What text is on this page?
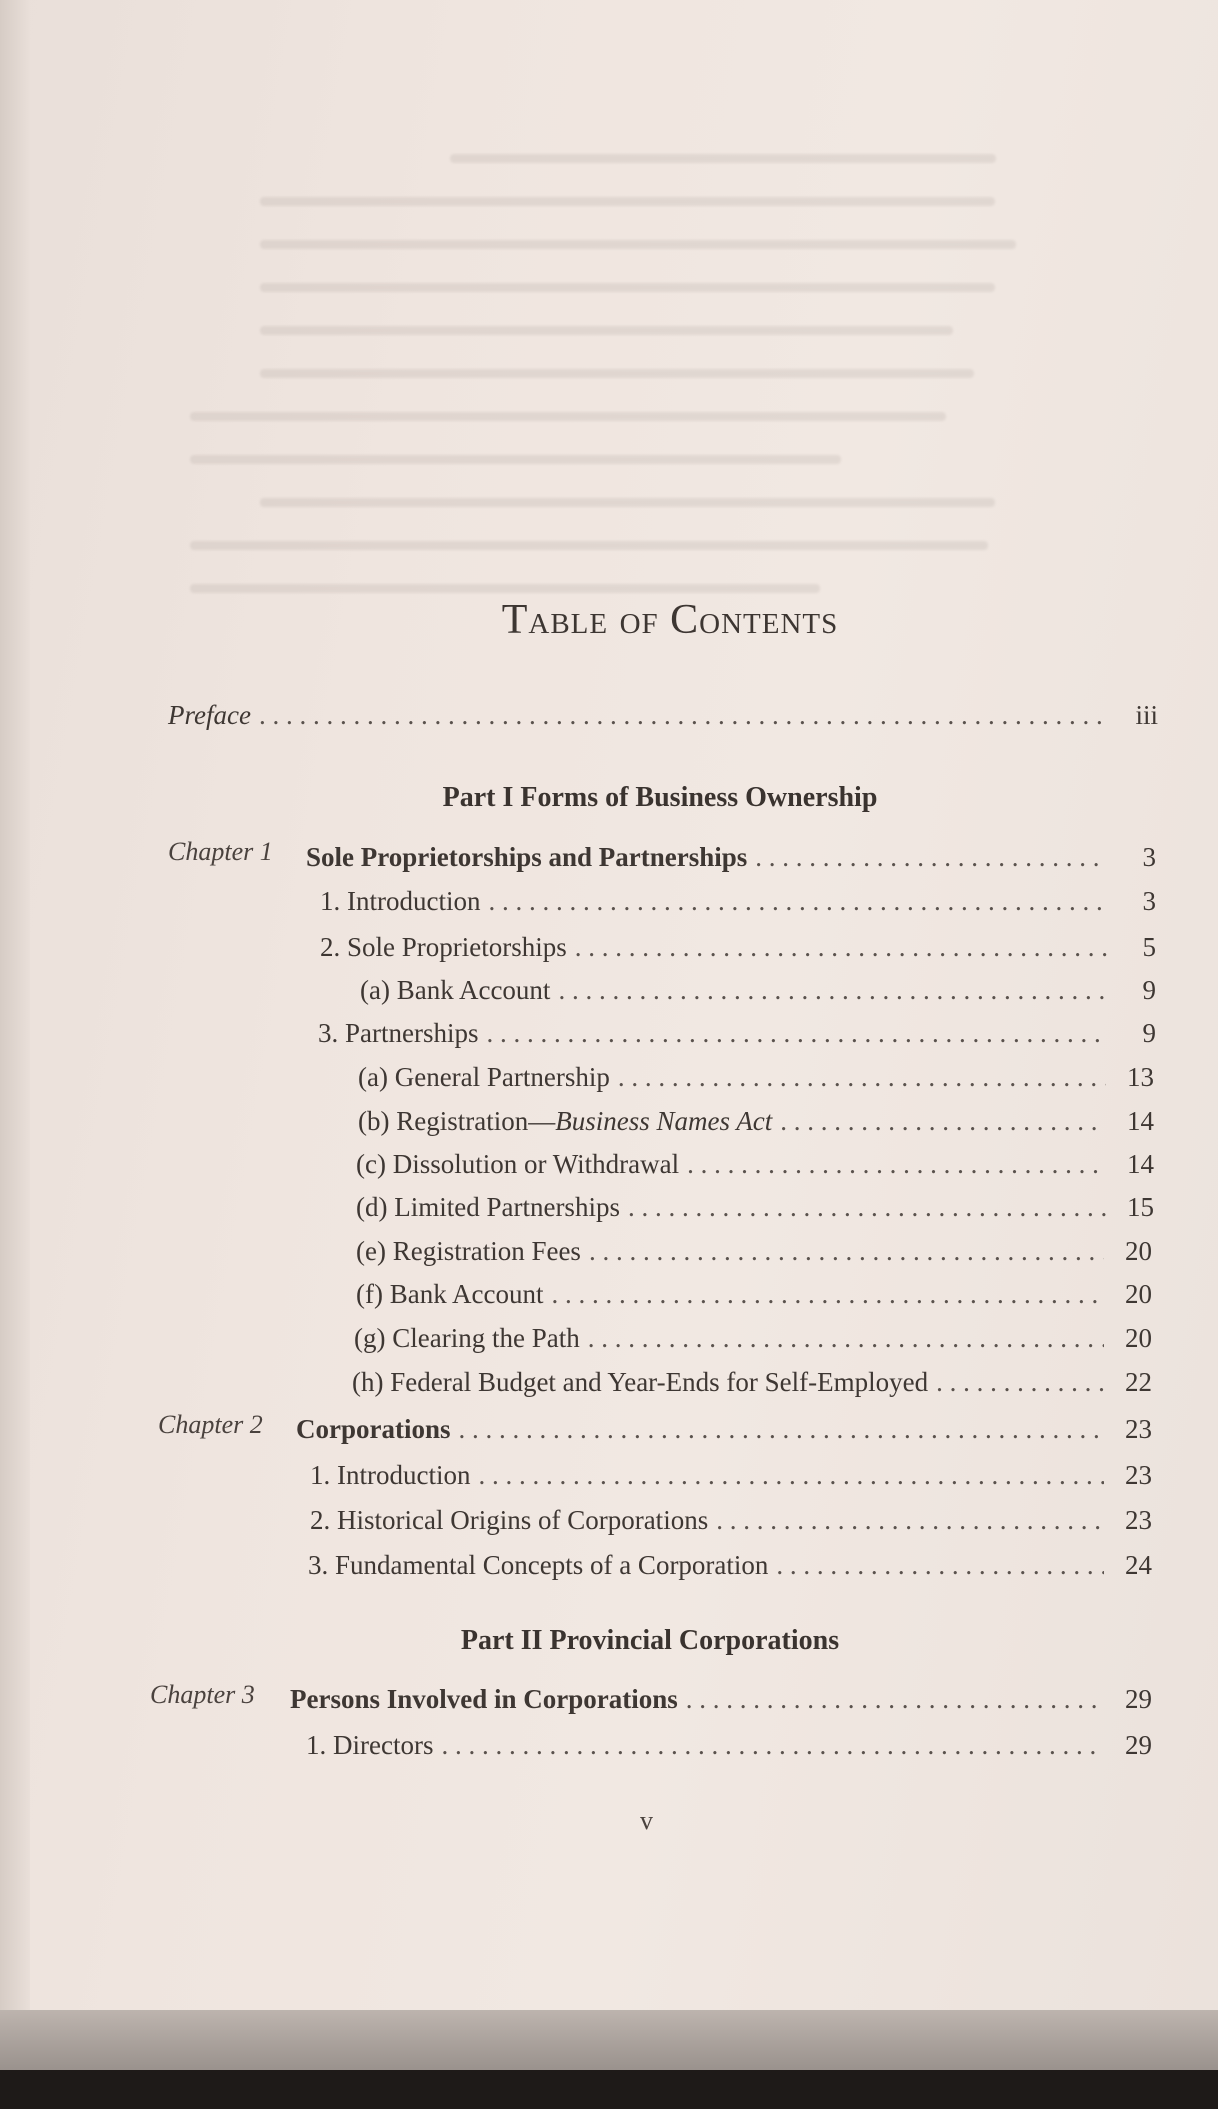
Table of Contents
Preface . . .	iii
Part I Forms of Business Ownership
Chapter 1 Sole Proprietorships and Partnerships . . .	3
1. Introduction . . .	3
2. Sole Proprietorships . . .	5
(a) Bank Account . . .	9
3. Partnerships . . .	9
(a) General Partnership . . .	13
(b) Registration—Business Names Act . . .	14
(c) Dissolution or Withdrawal . . .	14
(d) Limited Partnerships . . .	15
(e) Registration Fees . . .	20
(f) Bank Account . . .	20
(g) Clearing the Path . . .	20
(h) Federal Budget and Year-Ends for Self-Employed . . .	22
Chapter 2 Corporations . . .	23
1. Introduction . . .	23
2. Historical Origins of Corporations . . .	23
3. Fundamental Concepts of a Corporation . . .	24
Part II Provincial Corporations
Chapter 3 Persons Involved in Corporations . . .	29
1. Directors . . .	29
v
